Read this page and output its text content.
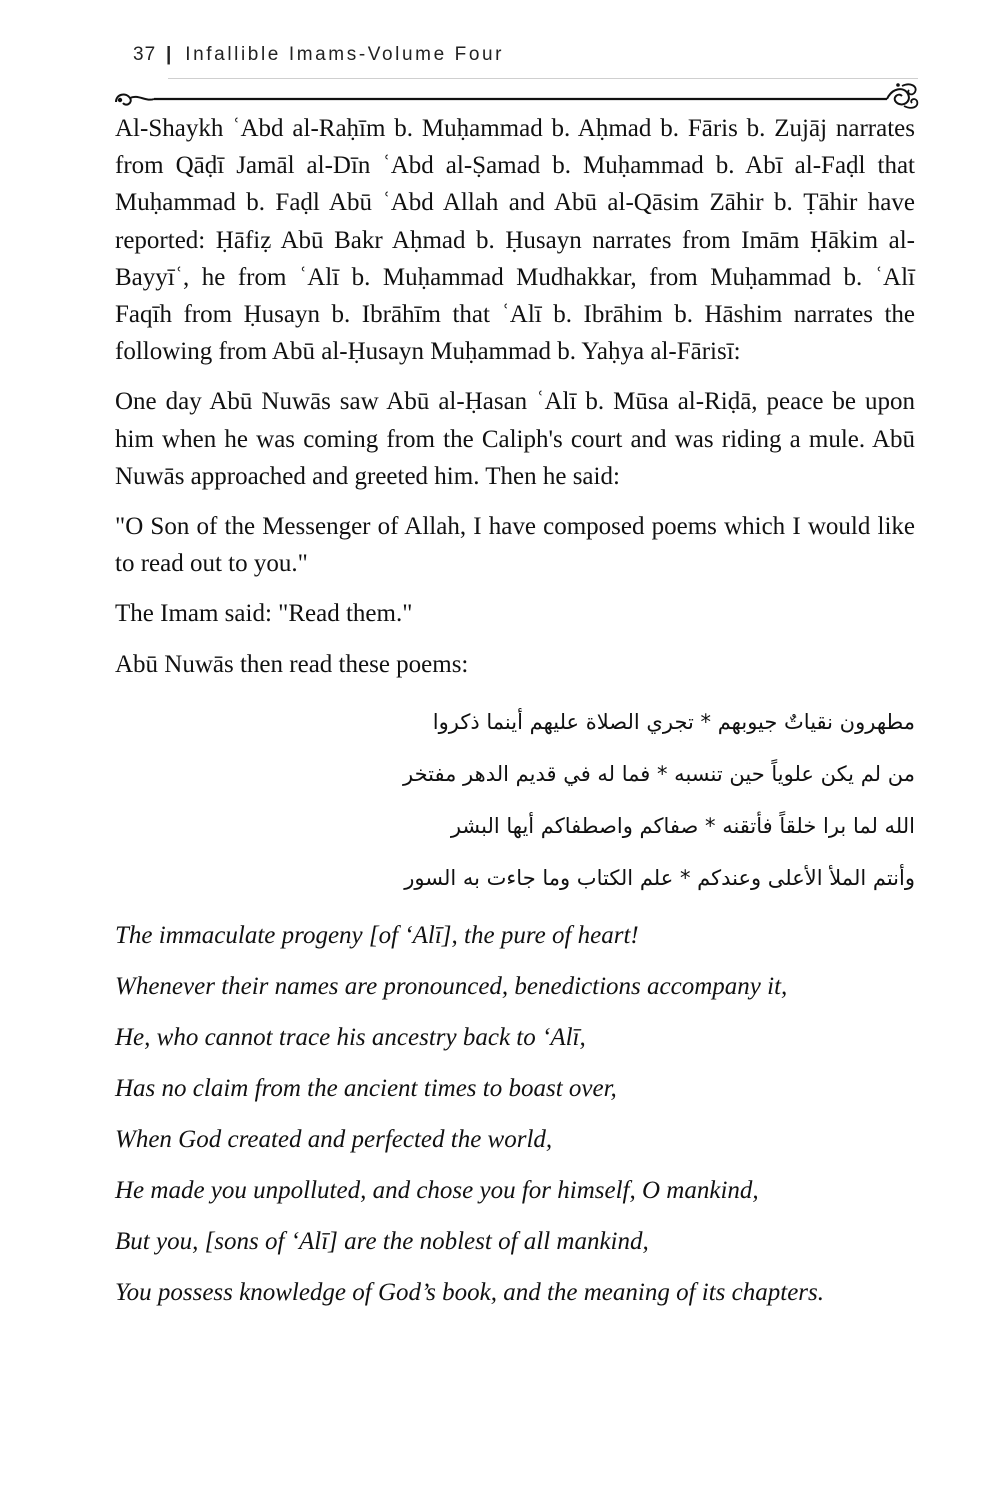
37 | Infallible Imams-Volume Four

Al-Shaykh ʿAbd al-Raḥīm b. Muḥammad b. Aḥmad b. Fāris b. Zujāj narrates from Qāḍī Jamāl al-Dīn ʿAbd al-Ṣamad b. Muḥammad b. Abī al-Faḍl that Muḥammad b. Faḍl Abū ʿAbd Allah and Abū al-Qāsim Zāhir b. Ṭāhir have reported: Ḥāfiẓ Abū Bakr Aḥmad b. Ḥusayn narrates from Imām Ḥākim al-Bayyīʿ, he from ʿAlī b. Muḥammad Mudhakkar, from Muḥammad b. ʿAlī Faqīh from Ḥusayn b. Ibrāhīm that ʿAlī b. Ibrāhim b. Hāshim narrates the following from Abū al-Ḥusayn Muḥammad b. Yaḥya al-Fārisī:

One day Abū Nuwās saw Abū al-Ḥasan ʿAlī b. Mūsa al-Riḍā, peace be upon him when he was coming from the Caliph's court and was riding a mule. Abū Nuwās approached and greeted him. Then he said:

"O Son of the Messenger of Allah, I have composed poems which I would like to read out to you."

The Imam said: "Read them."

Abū Nuwās then read these poems:

مطهرون نقياتٌ جيوبهم * تجري الصلاة عليهم أينما ذكروا
من لم يكن علوياً حين تنسبه * فما له في قديم الدهر مفتخر
الله لما برا خلقاً فأتقنه * صفاكم واصطفاكم أيها البشر
وأنتم الملأ الأعلى وعندكم * علم الكتاب وما جاءت به السور
The immaculate progeny [of ‘Alī], the pure of heart!
Whenever their names are pronounced, benedictions accompany it,
He, who cannot trace his ancestry back to ‘Alī,
Has no claim from the ancient times to boast over,
When God created and perfected the world,
He made you unpolluted, and chose you for himself, O mankind,
But you, [sons of ‘Alī] are the noblest of all mankind,
You possess knowledge of God’s book, and the meaning of its chapters.
